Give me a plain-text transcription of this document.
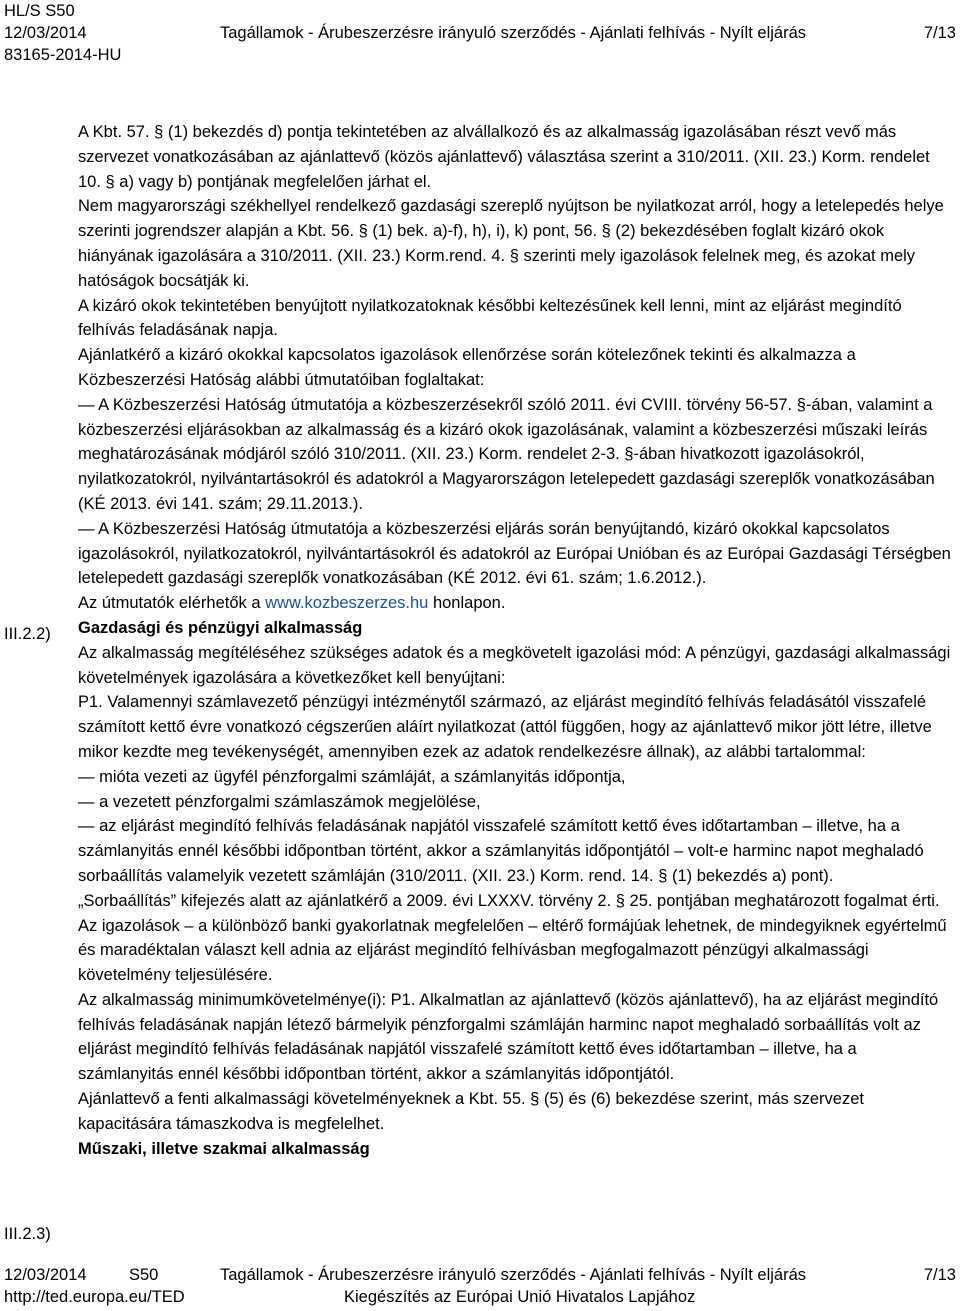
HL/S S50
12/03/2014	Tagállamok - Árubeszerzésre irányuló szerződés - Ajánlati felhívás - Nyílt eljárás	7/13
83165-2014-HU
III.2.2)
III.2.3)

A Kbt. 57. § (1) bekezdés d) pontja tekintetében az alvállalkozó és az alkalmasság igazolásában részt vevő más szervezet vonatkozásában az ajánlattevő (közös ajánlattevő) választása szerint a 310/2011. (XII. 23.) Korm. rendelet 10. § a) vagy b) pontjának megfelelően járhat el.

Nem magyarországi székhellyel rendelkező gazdasági szereplő nyújtson be nyilatkozat arról, hogy a letelepedés helye szerinti jogrendszer alapján a Kbt. 56. § (1) bek. a)-f), h), i), k) pont, 56. § (2) bekezdésében foglalt kizáró okok hiányának igazolására a 310/2011. (XII. 23.) Korm.rend. 4. § szerinti mely igazolások felelnek meg, és azokat mely hatóságok bocsátják ki.

A kizáró okok tekintetében benyújtott nyilatkozatoknak későbbi keltezésűnek kell lenni, mint az eljárást megindító felhívás feladásának napja.

Ajánlatkérő a kizáró okokkal kapcsolatos igazolások ellenőrzése során kötelezőnek tekinti és alkalmazza a Közbeszerzési Hatóság alábbi útmutatóiban foglaltakat:

— A Közbeszerzési Hatóság útmutatója a közbeszerzésekről szóló 2011. évi CVIII. törvény 56-57. §-ában, valamint a közbeszerzési eljárásokban az alkalmasság és a kizáró okok igazolásának, valamint a közbeszerzési műszaki leírás meghatározásának módjáról szóló 310/2011. (XII. 23.) Korm. rendelet 2-3. §-ában hivatkozott igazolásokról, nyilatkozatokról, nyilvántartásokról és adatokról a Magyarországon letelepedett gazdasági szereplők vonatkozásában (KÉ 2013. évi 141. szám; 29.11.2013.).

— A Közbeszerzési Hatóság útmutatója a közbeszerzési eljárás során benyújtandó, kizáró okokkal kapcsolatos igazolásokról, nyilatkozatokról, nyilvántartásokról és adatokról az Európai Unióban és az Európai Gazdasági Térségben letelepedett gazdasági szereplők vonatkozásában (KÉ 2012. évi 61. szám; 1.6.2012.).

Az útmutatók elérhetők a www.kozbeszerzes.hu honlapon.

Gazdasági és pénzügyi alkalmasság

Az alkalmasság megítéléséhez szükséges adatok és a megkövetelt igazolási mód: A pénzügyi, gazdasági alkalmassági követelmények igazolására a következőket kell benyújtani:

P1. Valamennyi számlavezető pénzügyi intézménytől származó, az eljárást megindító felhívás feladásától visszafelé számított kettő évre vonatkozó cégszerűen aláírt nyilatkozat (attól függően, hogy az ajánlattevő mikor jött létre, illetve mikor kezdte meg tevékenységét, amennyiben ezek az adatok rendelkezésre állnak), az alábbi tartalommal:

— mióta vezeti az ügyfél pénzforgalmi számláját, a számlanyitás időpontja,

— a vezetett pénzforgalmi számlaszámok megjelölése,

— az eljárást megindító felhívás feladásának napjától visszafelé számított kettő éves időtartamban – illetve, ha a számlanyitás ennél későbbi időpontban történt, akkor a számlanyitás időpontjától – volt-e harminc napot meghaladó sorbaállítás valamelyik vezetett számláján (310/2011. (XII. 23.) Korm. rend. 14. § (1) bekezdés a) pont).

„Sorbaállítás” kifejezés alatt az ajánlatkérő a 2009. évi LXXXV. törvény 2. § 25. pontjában meghatározott fogalmat érti.

Az igazolások – a különböző banki gyakorlatnak megfelelően – eltérő formájúak lehetnek, de mindegyiknek egyértelmű és maradéktalan választ kell adnia az eljárást megindító felhívásban megfogalmazott pénzügyi alkalmassági követelmény teljesülésére.

Az alkalmasság minimumkövetelménye(i): P1. Alkalmatlan az ajánlattevő (közös ajánlattevő), ha az eljárást megindító felhívás feladásának napján létező bármelyik pénzforgalmi számláján harminc napot meghaladó sorbaállítás volt az eljárást megindító felhívás feladásának napjától visszafelé számított kettő éves időtartamban – illetve, ha a számlanyitás ennél későbbi időpontban történt, akkor a számlanyitás időpontjától.

Ajánlattevő a fenti alkalmassági követelményeknek a Kbt. 55. § (5) és (6) bekezdése szerint, más szervezet kapacitására támaszkodva is megfelelhet.

Műszaki, illetve szakmai alkalmasság

12/03/2014	S50	Tagállamok - Árubeszerzésre irányuló szerződés - Ajánlati felhívás - Nyílt eljárás	7/13
http://ted.europa.eu/TED	Kiegészítés az Európai Unió Hivatalos Lapjához
